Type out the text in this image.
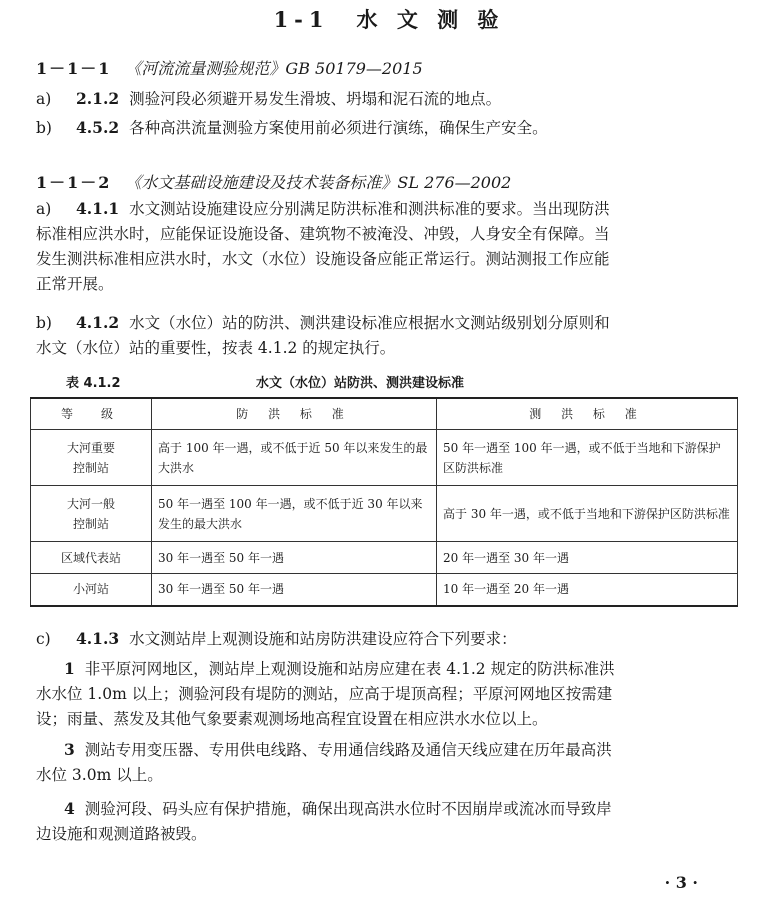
1-1　水 文 测 验
1－1－1 《河流流量测验规范》GB 50179—2015
a) 2.1.2 测验河段必须避开易发生滑坡、坍塌和泥石流的地点。
b) 4.5.2 各种高洪流量测验方案使用前必须进行演练，确保生产安全。
1－1－2 《水文基础设施建设及技术装备标准》SL 276—2002
a) 4.1.1 水文测站设施建设应分别满足防洪标准和测洪标准的要求。当出现防洪
标准相应洪水时，应能保证设施设备、建筑物不被淹没、冲毁，人身安全有保障。当
发生测洪标准相应洪水时，水文（水位）设施设备应能正常运行。测站测报工作应能
正常开展。
b) 4.1.2 水文（水位）站的防洪、测洪建设标准应根据水文测站级别划分原则和
水文（水位）站的重要性，按表 4.1.2 的规定执行。
表 4.1.2	水文（水位）站防洪、测洪建设标准
等　级	防 洪 标 准	测 洪 标 准
大河重要
控制站	高于 100 年一遇，或不低于近 50 年以来发生的最大洪水	50 年一遇至 100 年一遇，或不低于当地和下游保护区防洪标准
大河一般
控制站	50 年一遇至 100 年一遇，或不低于近 30 年以来发生的最大洪水	高于 30 年一遇，或不低于当地和下游保护区防洪标准
区域代表站	30 年一遇至 50 年一遇	20 年一遇至 30 年一遇
小河站	30 年一遇至 50 年一遇	10 年一遇至 20 年一遇
c) 4.1.3 水文测站岸上观测设施和站房防洪建设应符合下列要求：
1 非平原河网地区，测站岸上观测设施和站房应建在表 4.1.2 规定的防洪标准洪
水水位 1.0m 以上；测验河段有堤防的测站，应高于堤顶高程；平原河网地区按需建
设；雨量、蒸发及其他气象要素观测场地高程宜设置在相应洪水水位以上。
3 测站专用变压器、专用供电线路、专用通信线路及通信天线应建在历年最高洪
水位 3.0m 以上。
4 测验河段、码头应有保护措施，确保出现高洪水位时不因崩岸或流冰而导致岸
边设施和观测道路被毁。
· 3 ·
